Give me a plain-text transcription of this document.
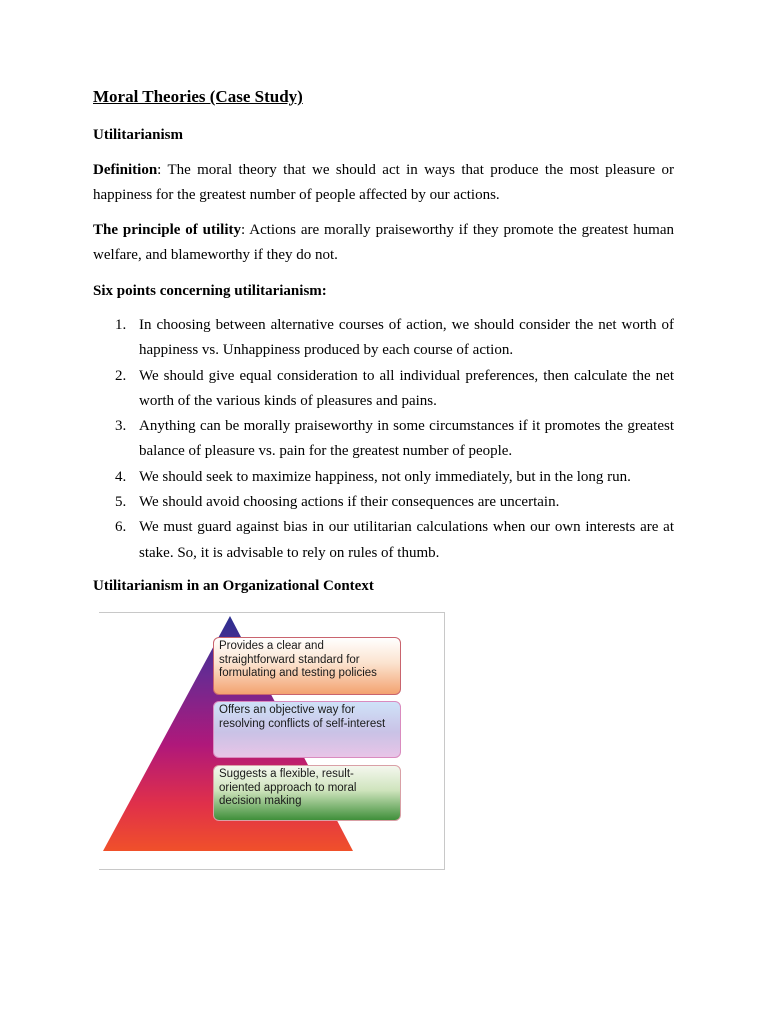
Moral Theories (Case Study)

Utilitarianism

Definition: The moral theory that we should act in ways that produce the most pleasure or happiness for the greatest number of people affected by our actions.

The principle of utility: Actions are morally praiseworthy if they promote the greatest human welfare, and blameworthy if they do not.

Six points concerning utilitarianism:

1. In choosing between alternative courses of action, we should consider the net worth of happiness vs. Unhappiness produced by each course of action.
2. We should give equal consideration to all individual preferences, then calculate the net worth of the various kinds of pleasures and pains.
3. Anything can be morally praiseworthy in some circumstances if it promotes the greatest balance of pleasure vs. pain for the greatest number of people.
4. We should seek to maximize happiness, not only immediately, but in the long run.
5. We should avoid choosing actions if their consequences are uncertain.
6. We must guard against bias in our utilitarian calculations when our own interests are at stake. So, it is advisable to rely on rules of thumb.

Utilitarianism in an Organizational Context

Provides a clear and straightforward standard for formulating and testing policies
Offers an objective way for resolving conflicts of self-interest
Suggests a flexible, result-oriented approach to moral decision making
